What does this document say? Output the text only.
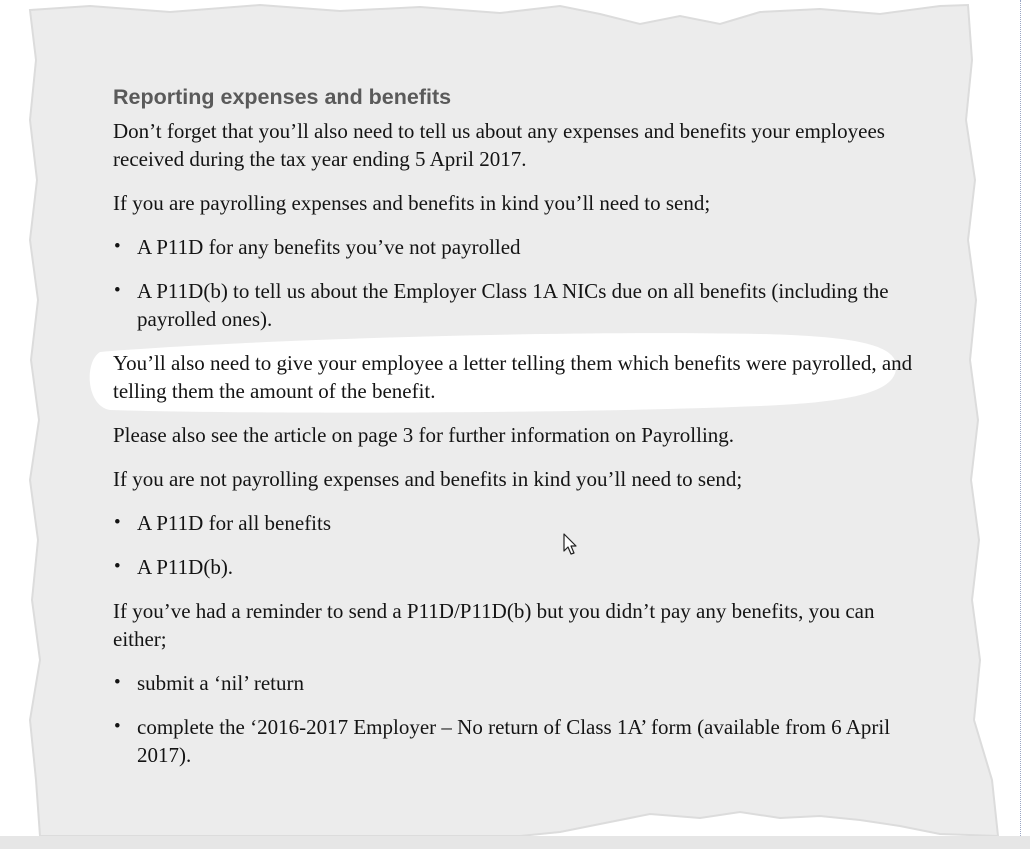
Reporting expenses and benefits

Don’t forget that you’ll also need to tell us about any expenses and benefits your employees received during the tax year ending 5 April 2017.

If you are payrolling expenses and benefits in kind you’ll need to send;

• A P11D for any benefits you’ve not payrolled
• A P11D(b) to tell us about the Employer Class 1A NICs due on all benefits (including the payrolled ones).

You’ll also need to give your employee a letter telling them which benefits were payrolled, and telling them the amount of the benefit.

Please also see the article on page 3 for further information on Payrolling.

If you are not payrolling expenses and benefits in kind you’ll need to send;

• A P11D for all benefits
• A P11D(b).

If you’ve had a reminder to send a P11D/P11D(b) but you didn’t pay any benefits, you can either;

• submit a ‘nil’ return
• complete the ‘2016-2017 Employer – No return of Class 1A’ form (available from 6 April 2017).
